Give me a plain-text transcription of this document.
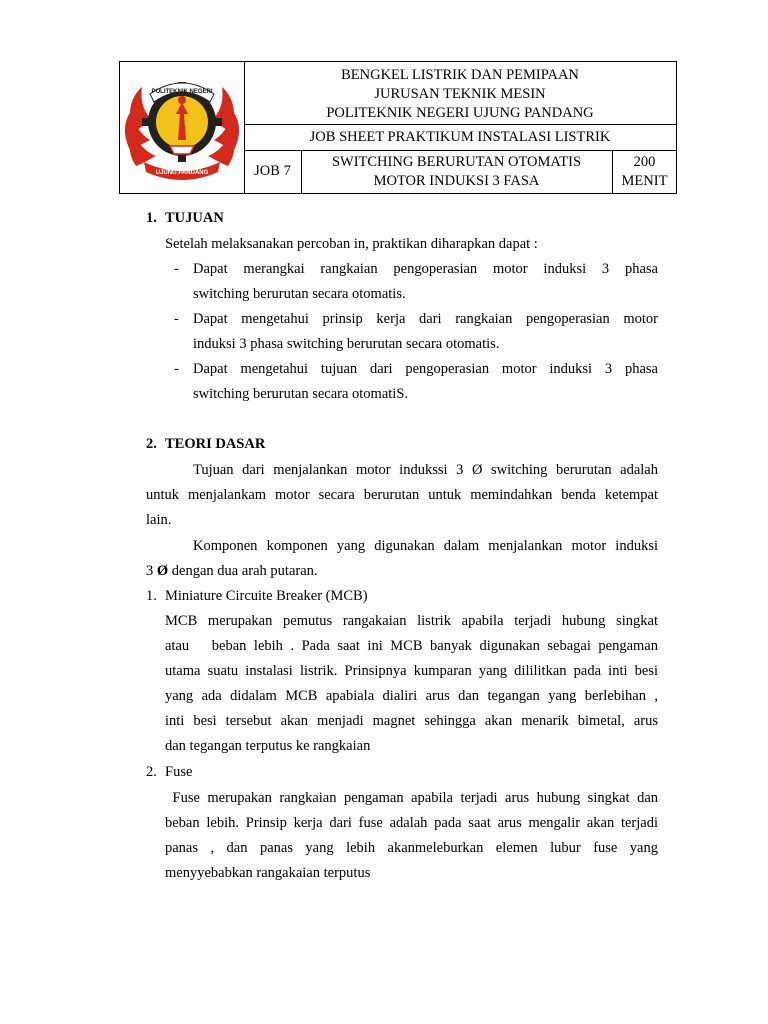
POLITEKNIK NEGERI
UJUNG PANDANG
BENGKEL LISTRIK DAN PEMIPAAN
JURUSAN TEKNIK MESIN
POLITEKNIK NEGERI UJUNG PANDANG
JOB SHEET PRAKTIKUM INSTALASI LISTRIK
JOB 7
SWITCHING BERURUTAN OTOMATIS
MOTOR INDUKSI 3 FASA
200
MENIT
1. TUJUAN
Setelah melaksanakan percoban in, praktikan diharapkan dapat :
- Dapat merangkai rangkaian pengoperasian motor induksi 3 phasa
switching berurutan secara otomatis.
- Dapat mengetahui prinsip kerja dari rangkaian pengoperasian motor
induksi 3 phasa switching berurutan secara otomatis.
- Dapat mengetahui tujuan dari pengoperasian motor induksi 3 phasa
switching berurutan secara otomatiS.
2. TEORI DASAR
Tujuan dari menjalankan motor indukssi 3 Ø switching berurutan adalah
untuk menjalankam motor secara berurutan untuk memindahkan benda ketempat
lain.
Komponen komponen yang digunakan dalam menjalankan motor induksi
3 Ø dengan dua arah putaran.
1. Miniature Circuite Breaker (MCB)
MCB merupakan pemutus rangakaian listrik apabila terjadi hubung singkat
atau   beban lebih . Pada saat ini MCB banyak digunakan sebagai pengaman
utama suatu instalasi listrik. Prinsipnya kumparan yang dililitkan pada inti besi
yang ada didalam MCB apabiala dialiri arus dan tegangan yang berlebihan ,
inti besi tersebut akan menjadi magnet sehingga akan menarik bimetal, arus
dan tegangan terputus ke rangkaian
2. Fuse
Fuse merupakan rangkaian pengaman apabila terjadi arus hubung singkat dan
beban lebih. Prinsip kerja dari fuse adalah pada saat arus mengalir akan terjadi
panas , dan panas yang lebih akanmeleburkan elemen lubur fuse yang
menyyebabkan rangakaian terputus
